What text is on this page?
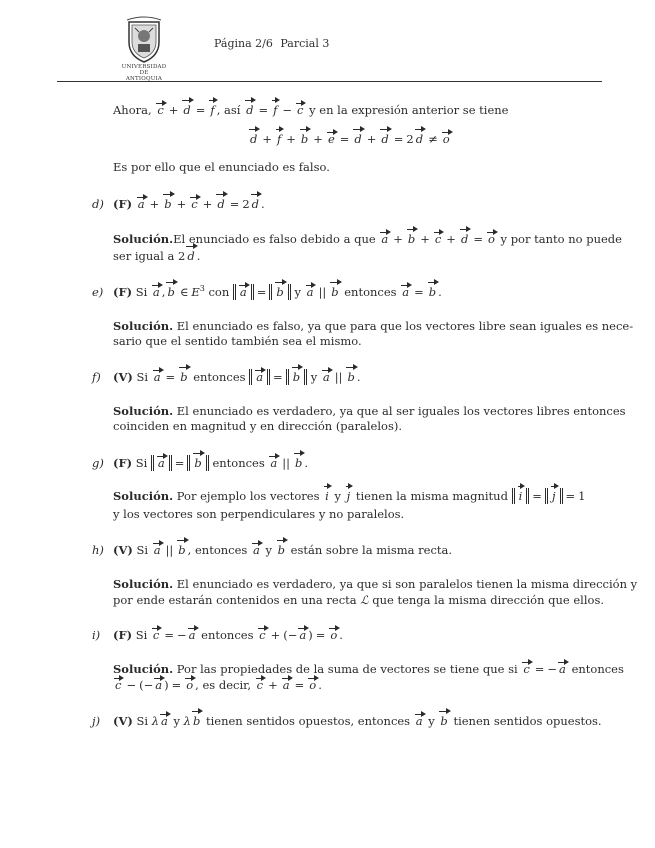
UNIVERSIDAD
DE ANTIOQUIA
Página 2/6 Parcial 3
Ahora, c + d = f , así d = f − c y en la expresión anterior se tiene
d + f + b + e = d + d = 2 d ≠ o
Es por ello que el enunciado es falso.
d) (F) a + b + c + d = 2 d .
Solución.El enunciado es falso debido a que a + b + c + d = o y por tanto no puede
ser igual a 2 d .
e) (F) Si a , b ∈ $E^3$ con a = b y a || b entonces a = b .
Solución. El enunciado es falso, ya que para que los vectores libre sean iguales es nece-
sario que el sentido también sea el mismo.
f) (V) Si a = b entonces a = b y a || b .
Solución. El enunciado es verdadero, ya que al ser iguales los vectores libres entonces
coinciden en magnitud y en dirección (paralelos).
g) (F) Si a = b entonces a || b .
Solución. Por ejemplo los vectores i y j tienen la misma magnitud i = j = 1
y los vectores son perpendiculares y no paralelos.
h) (V) Si a || b , entonces a y b están sobre la misma recta.
Solución. El enunciado es verdadero, ya que si son paralelos tienen la misma dirección y
por ende estarán contenidos en una recta ℒ que tenga la misma dirección que ellos.
i) (F) Si c = − a entonces c + (− a ) = o .
Solución. Por las propiedades de la suma de vectores se tiene que si c = − a entonces
c − (− a ) = o , es decir, c + a = o .
j) (V) Si λ a y λ b tienen sentidos opuestos, entonces a y b tienen sentidos opuestos.
